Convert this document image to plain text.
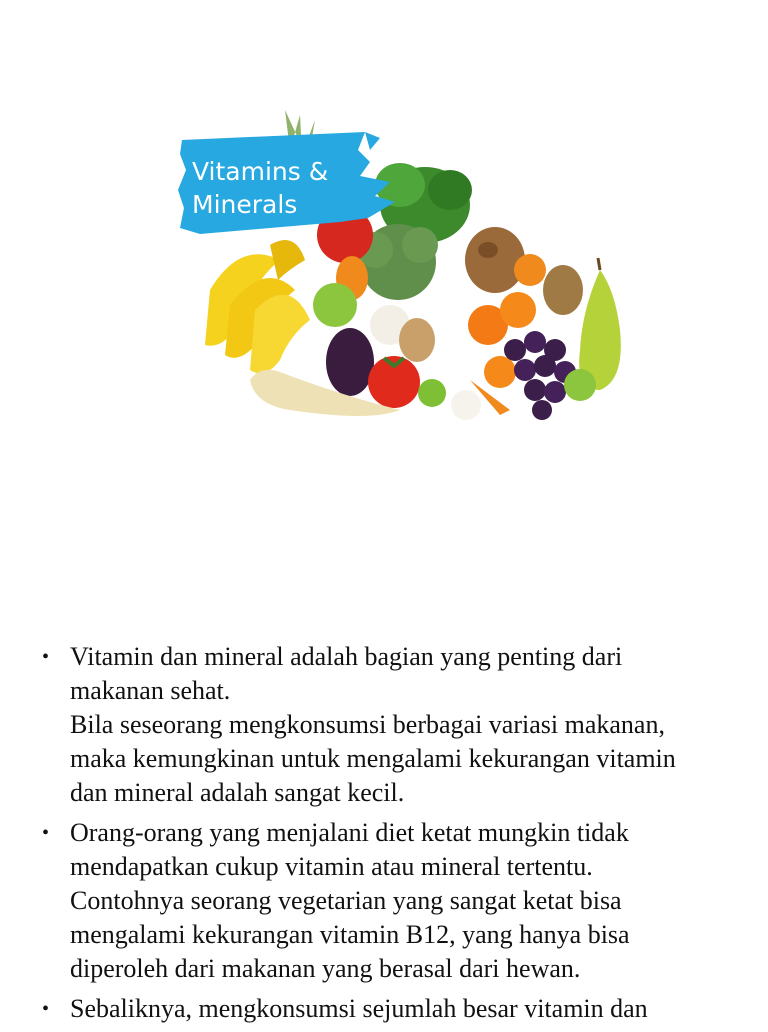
Vitamins &
Minerals
• Vitamin dan mineral adalah bagian yang penting dari
makanan sehat.
Bila seseorang mengkonsumsi berbagai variasi makanan,
maka kemungkinan untuk mengalami kekurangan vitamin
dan mineral adalah sangat kecil.
• Orang-orang yang menjalani diet ketat mungkin tidak
mendapatkan cukup vitamin atau mineral tertentu.
Contohnya seorang vegetarian yang sangat ketat bisa
mengalami kekurangan vitamin B12, yang hanya bisa
diperoleh dari makanan yang berasal dari hewan.
• Sebaliknya, mengkonsumsi sejumlah besar vitamin dan
